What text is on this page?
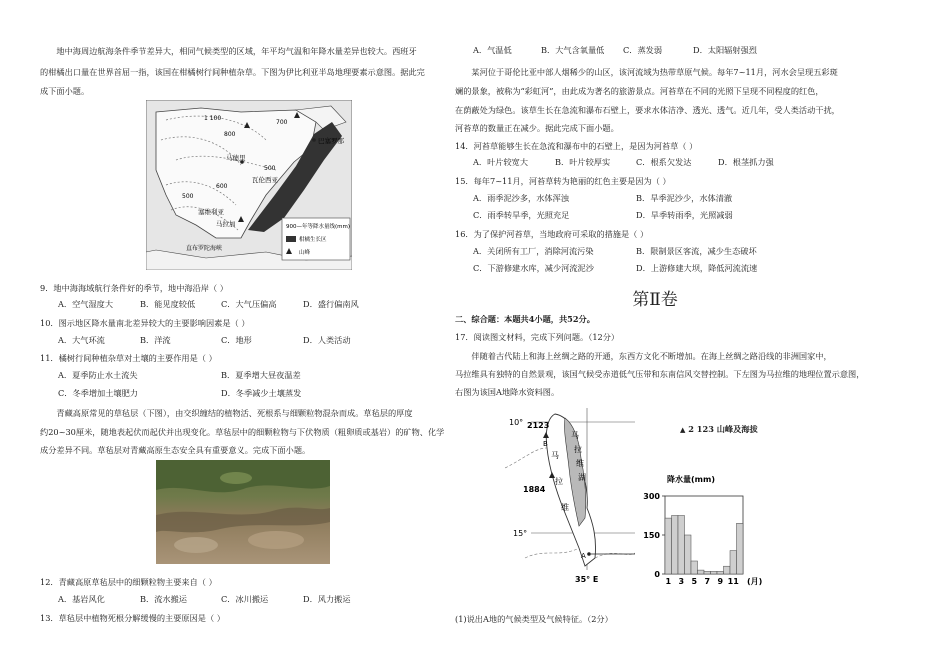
地中海周边航海条件季节差异大，相同气候类型的区域，年平均气温和年降水量差异也较大。西班牙
的柑橘出口量在世界首屈一指，该国在柑橘树行间种植杂草。下图为伊比利亚半岛地理要素示意图。据此完
成下面小题。
1 100
800
600
500
500
700
马德里
巴塞罗那
瓦伦西亚
塞维利亚
马拉加
直布罗陀海峡
900—年等降水量线(mm)
柑橘生长区
山峰
9．地中海海域航行条件好的季节，地中海沿岸（ ）
A．空气湿度大	B．能见度较低	C．大气压偏高	D．盛行偏南风
10．图示地区降水量南北差异较大的主要影响因素是（ ）
A．大气环流	B．洋流	C．地形	D．人类活动
11．橘树行间种植杂草对土壤的主要作用是（ ）
A．夏季防止水土流失	B．夏季增大昼夜温差
C．冬季增加土壤肥力	D．冬季减少土壤蒸发
青藏高原常见的草毡层（下图），由交织缠结的植物活、死根系与细颗粒物混杂而成。草毡层的厚度
约20~30厘米，随地表起伏而起伏并出现变化。草毡层中的细颗粒物与下伏物质（粗卵质或基岩）的矿物、化学
成分差异不同。草毡层对青藏高原生态安全具有重要意义。完成下面小题。
12．青藏高原草毡层中的细颗粒物主要来自（ ）
A．基岩风化	B．流水搬运	C．冰川搬运	D．风力搬运
13．草毡层中植物死根分解缓慢的主要原因是（ ）
A．气温低	B．大气含氧量低 C．蒸发弱	D．太阳辐射强烈
某河位于哥伦比亚中部人烟稀少的山区，该河流域为热带草原气候。每年7~11月，河水会呈现五彩斑
斓的景象，被称为“彩虹河”，由此成为著名的旅游景点。河苔草在不同的光照下呈现不同程度的红色，
在荫蔽处为绿色。该草生长在急流和瀑布石壁上，要求水体洁净、透光、透气。近几年，受人类活动干扰，
河苔草的数量正在减少。据此完成下面小题。
14．河苔草能够生长在急流和瀑布中的石壁上，是因为河苔草（ ）
A．叶片较宽大	B．叶片较厚实	C．根系欠发达	D．根茎抓力强
15．每年7~11月，河苔草转为艳丽的红色主要是因为（ ）
A．雨季泥沙多，水体浑浊	B．旱季泥沙少，水体清澈
C．雨季转旱季，光照充足	D．旱季转雨季，光照减弱
16．为了保护河苔草，当地政府可采取的措施是（ ）
A．关闭所有工厂，消除河流污染	B．限制景区客流，减少生态破坏
C．下游修建水库，减少河流泥沙	D．上游修建大坝，降低河流流速
第Ⅱ卷
二、综合题：本题共4小题，共52分。
17．阅读图文材料，完成下列问题。（12分）
伴随着古代陆上和海上丝绸之路的开通，东西方文化不断增加。在海上丝绸之路沿线的非洲国家中，
马拉维具有独特的自然景观，该国气候受赤道低气压带和东南信风交替控制。下左图为马拉维的地理位置示意图，
右图为该国A地降水资料图。
10°
15°
35° E
2123
B
1884
马
拉
维
湖
马
拉
维
A
▲ 2 123 山峰及海拔
降水量(mm)
0
150
300
1 3 5 7 9 11 (月)
(1)说出A地的气候类型及气候特征。（2分）
